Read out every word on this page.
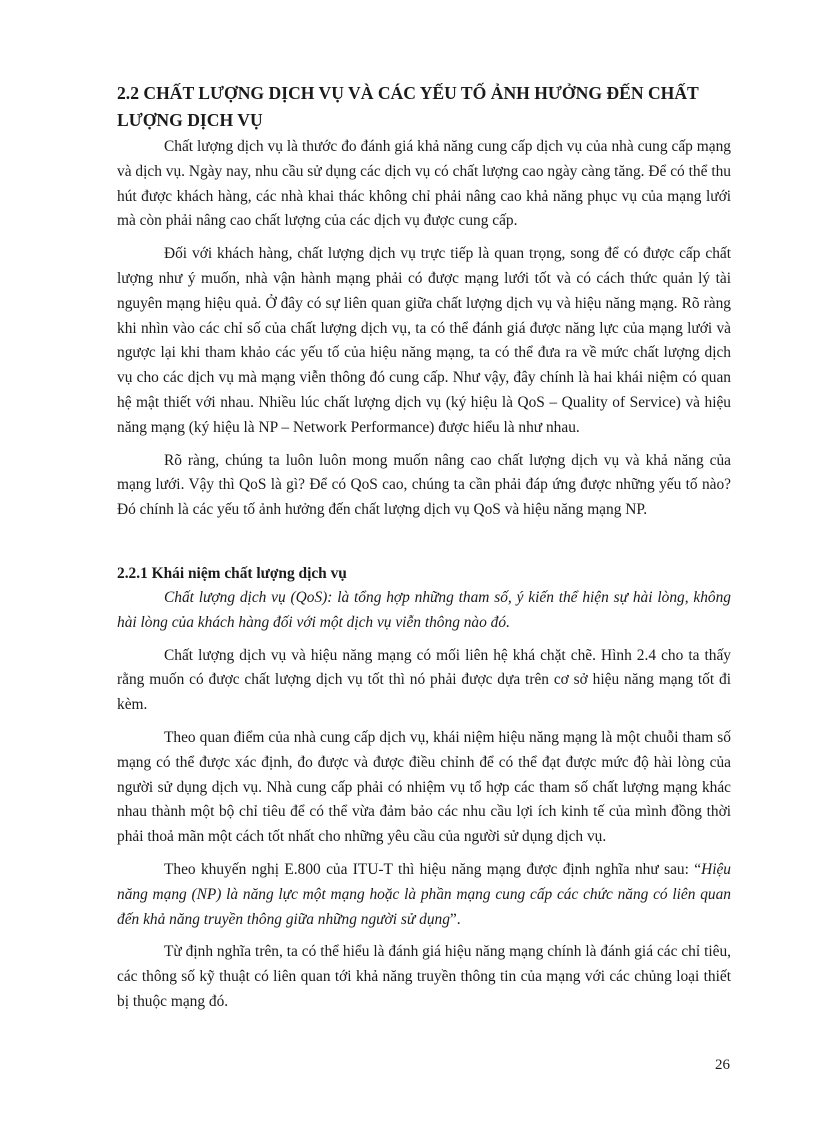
2.2 CHẤT LƯỢNG DỊCH VỤ VÀ CÁC YẾU TỐ ẢNH HƯỞNG ĐẾN CHẤT LƯỢNG DỊCH VỤ

Chất lượng dịch vụ là thước đo đánh giá khả năng cung cấp dịch vụ của nhà cung cấp mạng và dịch vụ. Ngày nay, nhu cầu sử dụng các dịch vụ có chất lượng cao ngày càng tăng. Để có thể thu hút được khách hàng, các nhà khai thác không chỉ phải nâng cao khả năng phục vụ của mạng lưới mà còn phải nâng cao chất lượng của các dịch vụ được cung cấp.

Đối với khách hàng, chất lượng dịch vụ trực tiếp là quan trọng, song để có được cấp chất lượng như ý muốn, nhà vận hành mạng phải có được mạng lưới tốt và có cách thức quản lý tài nguyên mạng hiệu quả. Ở đây có sự liên quan giữa chất lượng dịch vụ và hiệu năng mạng. Rõ ràng khi nhìn vào các chỉ số của chất lượng dịch vụ, ta có thể đánh giá được năng lực của mạng lưới và ngược lại khi tham khảo các yếu tố của hiệu năng mạng, ta có thể đưa ra về mức chất lượng dịch vụ cho các dịch vụ mà mạng viễn thông đó cung cấp. Như vậy, đây chính là hai khái niệm có quan hệ mật thiết với nhau. Nhiều lúc chất lượng dịch vụ (ký hiệu là QoS – Quality of Service) và hiệu năng mạng (ký hiệu là NP – Network Performance) được hiểu là như nhau.

Rõ ràng, chúng ta luôn luôn mong muốn nâng cao chất lượng dịch vụ và khả năng của mạng lưới. Vậy thì QoS là gì? Để có QoS cao, chúng ta cần phải đáp ứng được những yếu tố nào? Đó chính là các yếu tố ảnh hưởng đến chất lượng dịch vụ QoS và hiệu năng mạng NP.

2.2.1 Khái niệm chất lượng dịch vụ

Chất lượng dịch vụ (QoS): là tổng hợp những tham số, ý kiến thể hiện sự hài lòng, không hài lòng của khách hàng đối với một dịch vụ viễn thông nào đó.

Chất lượng dịch vụ và hiệu năng mạng có mối liên hệ khá chặt chẽ. Hình 2.4 cho ta thấy rằng muốn có được chất lượng dịch vụ tốt thì nó phải được dựa trên cơ sở hiệu năng mạng tốt đi kèm.

Theo quan điểm của nhà cung cấp dịch vụ, khái niệm hiệu năng mạng là một chuỗi tham số mạng có thể được xác định, đo được và được điều chỉnh để có thể đạt được mức độ hài lòng của người sử dụng dịch vụ. Nhà cung cấp phải có nhiệm vụ tổ hợp các tham số chất lượng mạng khác nhau thành một bộ chỉ tiêu để có thể vừa đảm bảo các nhu cầu lợi ích kinh tế của mình đồng thời phải thoả mãn một cách tốt nhất cho những yêu cầu của người sử dụng dịch vụ.

Theo khuyến nghị E.800 của ITU-T thì hiệu năng mạng được định nghĩa như sau: “Hiệu năng mạng (NP) là năng lực một mạng hoặc là phần mạng cung cấp các chức năng có liên quan đến khả năng truyền thông giữa những người sử dụng”.

Từ định nghĩa trên, ta có thể hiểu là đánh giá hiệu năng mạng chính là đánh giá các chỉ tiêu, các thông số kỹ thuật có liên quan tới khả năng truyền thông tin của mạng với các chủng loại thiết bị thuộc mạng đó.

26
